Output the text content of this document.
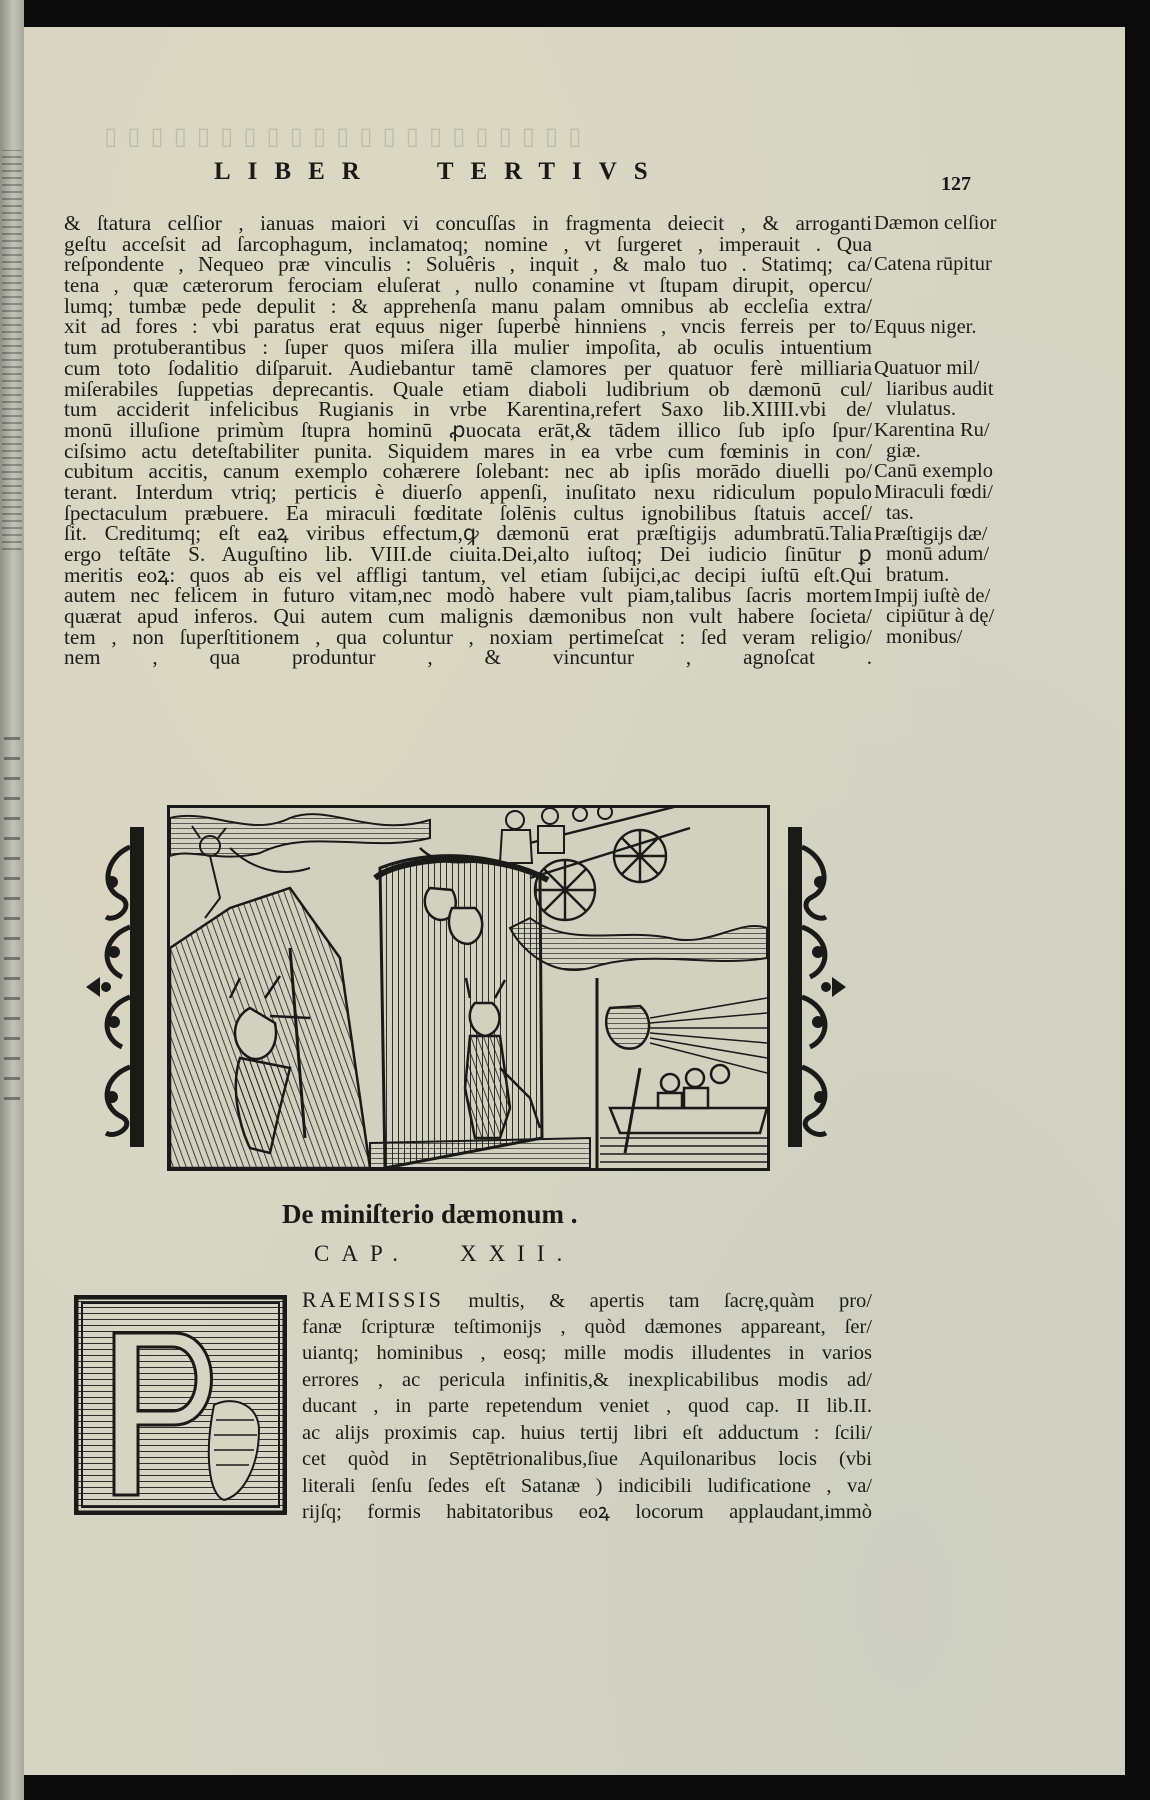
▯▯▯▯▯▯▯▯▯▯▯▯▯▯▯▯▯▯▯▯▯
LIBER TERTIVS	127
& ſtatura celſior , ianuas maiori vi concuſſas in fragmenta deiecit , & arroganti
geſtu acceſsit ad ſarcophagum, inclamatoq; nomine , vt ſurgeret , imperauit . Qua
reſpondente , Nequeo præ vinculis : Soluêris , inquit , & malo tuo . Statimq; ca/
tena , quæ cæterorum ferociam eluſerat , nullo conamine vt ſtupam dirupit, opercu/
lumq; tumbæ pede depulit : & apprehenſa manu palam omnibus ab eccleſia extra/
xit ad fores : vbi paratus erat equus niger ſuperbè hinniens , vncis ferreis per to/
tum protuberantibus : ſuper quos miſera illa mulier impoſita, ab oculis intuentium
cum toto ſodalitio diſparuit. Audiebantur tamē clamores per quatuor ferè milliaria
miſerabiles ſuppetias deprecantis. Quale etiam diaboli ludibrium ob dæmonū cul/
tum acciderit infelicibus Rugianis in vrbe Karentina,refert Saxo lib.XIIII.vbi de/
monū illuſione primùm ſtupra hominū ꝓuocata erāt,& tādem illico ſub ipſo ſpur/
ciſsimo actu deteſtabiliter punita. Siquidem mares in ea vrbe cum fœminis in con/
cubitum accitis, canum exemplo cohærere ſolebant: nec ab ipſis morādo diuelli po/
terant. Interdum vtriq; perticis è diuerſo appenſi, inuſitato nexu ridiculum populo
ſpectaculum præbuere. Ea miraculi fœditate ſolēnis cultus ignobilibus ſtatuis acceſ/
ſit. Creditumq; eſt eaꝝ viribus effectum,ꝙ dæmonū erat præſtigijs adumbratū.Talia
ergo teſtāte S. Auguſtino lib. VIII.de ciuita.Dei,alto iuſtoq; Dei iudicio ſinūtur ꝑ
meritis eoꝝ: quos ab eis vel affligi tantum, vel etiam ſubijci,ac decipi iuſtū eſt.Qui
autem nec felicem in futuro vitam,nec modò habere vult piam,talibus ſacris mortem
quærat apud inferos. Qui autem cum malignis dæmonibus non vult habere ſocieta/
tem , non ſuperſtitionem , qua coluntur , noxiam pertimeſcat : ſed veram religio/
nem , qua produntur , & vincuntur , agnoſcat .
Dæmon celſior
Catena rūpitur
Equus niger.
Quatuor mil/
liaribus audit
vlulatus.
Karentina Ru/
giæ.
Canū exemplo
Miraculi fœdi/
tas.
Præſtigijs dæ/
monū adum/
bratum.
Impij iuſtè de/
cipiūtur à dę/
monibus/
De miniſterio dæmonum .
CAP. XXII.
RAEMISSIS multis, & apertis tam ſacrę,quàm pro/
fanæ ſcripturæ teſtimonijs , quòd dæmones appareant, ſer/
uiantq; hominibus , eosq; mille modis illudentes in varios
errores , ac pericula infinitis,& inexplicabilibus modis ad/
ducant , in parte repetendum veniet , quod cap. II lib.II.
ac alijs proximis cap. huius tertij libri eſt adductum : ſcili/
cet quòd in Septētrionalibus,ſiue Aquilonaribus locis (vbi
literali ſenſu ſedes eſt Satanæ ) indicibili ludificatione , va/
rijſq; formis habitatoribus eoꝝ locorum applaudant,immò
